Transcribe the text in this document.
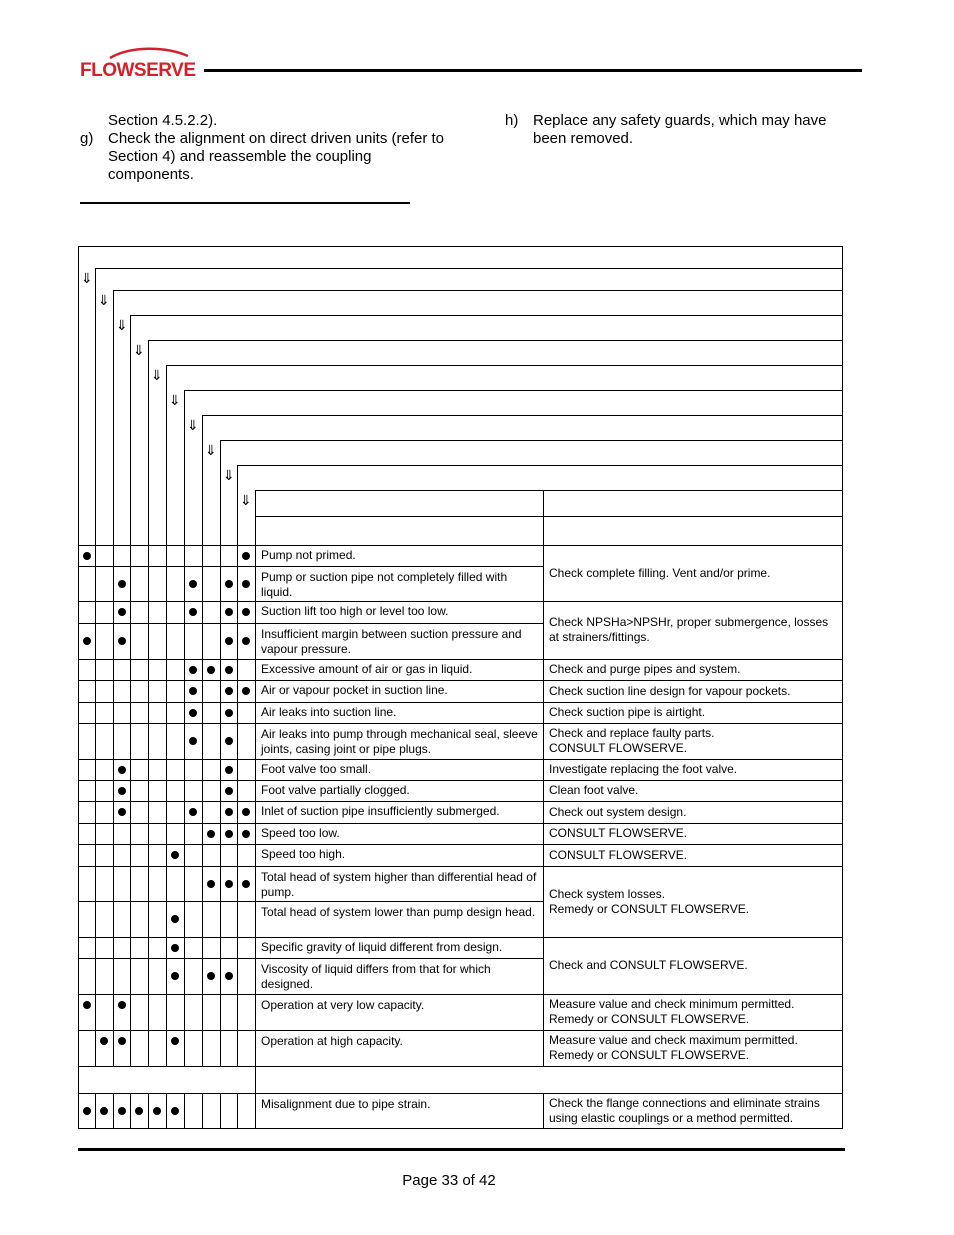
FLOWSERVE
Section 4.5.2.2).
g) Check the alignment on direct driven units (refer to Section 4) and reassemble the coupling components.
h) Replace any safety guards, which may have been removed.
⇓
⇓
⇓
⇓
⇓
⇓
⇓
⇓
⇓
⇓
Pump not primed.
Pump or suction pipe not completely filled with liquid.
Suction lift too high or level too low.
Insufficient margin between suction pressure and vapour pressure.
Excessive amount of air or gas in liquid.
Air or vapour pocket in suction line.
Air leaks into suction line.
Air leaks into pump through mechanical seal, sleeve joints, casing joint or pipe plugs.
Foot valve too small.
Foot valve partially clogged.
Inlet of suction pipe insufficiently submerged.
Speed too low.
Speed too high.
Total head of system higher than differential head of pump.
Total head of system lower than pump design head.
Specific gravity of liquid different from design.
Viscosity of liquid differs from that for which designed.
Operation at very low capacity.
Operation at high capacity.
Misalignment due to pipe strain.
Check complete filling. Vent and/or prime.
Check NPSHa>NPSHr, proper submergence, losses at strainers/fittings.
Check and purge pipes and system.
Check suction line design for vapour pockets.
Check suction pipe is airtight.
Check and replace faulty parts.
CONSULT FLOWSERVE.
Investigate replacing the foot valve.
Clean foot valve.
Check out system design.
CONSULT FLOWSERVE.
CONSULT FLOWSERVE.
Check system losses.
Remedy or CONSULT FLOWSERVE.
Check and CONSULT FLOWSERVE.
Measure value and check minimum permitted.
Remedy or CONSULT FLOWSERVE.
Measure value and check maximum permitted.
Remedy or CONSULT FLOWSERVE.
Check the flange connections and eliminate strains using elastic couplings or a method permitted.
Page 33 of 42
